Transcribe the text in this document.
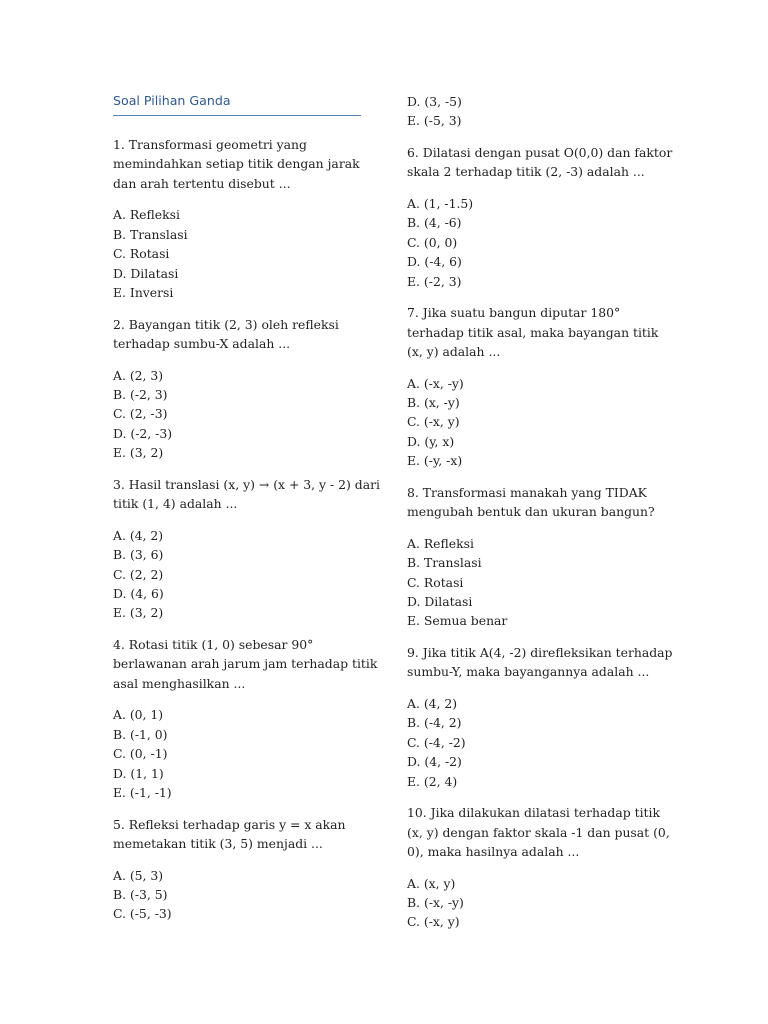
Soal Pilihan Ganda
1. Transformasi geometri yang
memindahkan setiap titik dengan jarak
dan arah tertentu disebut ...
A. Refleksi
B. Translasi
C. Rotasi
D. Dilatasi
E. Inversi
2. Bayangan titik (2, 3) oleh refleksi
terhadap sumbu-X adalah ...
A. (2, 3)
B. (-2, 3)
C. (2, -3)
D. (-2, -3)
E. (3, 2)
3. Hasil translasi (x, y) → (x + 3, y - 2) dari
titik (1, 4) adalah ...
A. (4, 2)
B. (3, 6)
C. (2, 2)
D. (4, 6)
E. (3, 2)
4. Rotasi titik (1, 0) sebesar 90°
berlawanan arah jarum jam terhadap titik
asal menghasilkan ...
A. (0, 1)
B. (-1, 0)
C. (0, -1)
D. (1, 1)
E. (-1, -1)
5. Refleksi terhadap garis y = x akan
memetakan titik (3, 5) menjadi ...
A. (5, 3)
B. (-3, 5)
C. (-5, -3)
D. (3, -5)
E. (-5, 3)
6. Dilatasi dengan pusat O(0,0) dan faktor
skala 2 terhadap titik (2, -3) adalah ...
A. (1, -1.5)
B. (4, -6)
C. (0, 0)
D. (-4, 6)
E. (-2, 3)
7. Jika suatu bangun diputar 180°
terhadap titik asal, maka bayangan titik
(x, y) adalah ...
A. (-x, -y)
B. (x, -y)
C. (-x, y)
D. (y, x)
E. (-y, -x)
8. Transformasi manakah yang TIDAK
mengubah bentuk dan ukuran bangun?
A. Refleksi
B. Translasi
C. Rotasi
D. Dilatasi
E. Semua benar
9. Jika titik A(4, -2) direfleksikan terhadap
sumbu-Y, maka bayangannya adalah ...
A. (4, 2)
B. (-4, 2)
C. (-4, -2)
D. (4, -2)
E. (2, 4)
10. Jika dilakukan dilatasi terhadap titik
(x, y) dengan faktor skala -1 dan pusat (0,
0), maka hasilnya adalah ...
A. (x, y)
B. (-x, -y)
C. (-x, y)
